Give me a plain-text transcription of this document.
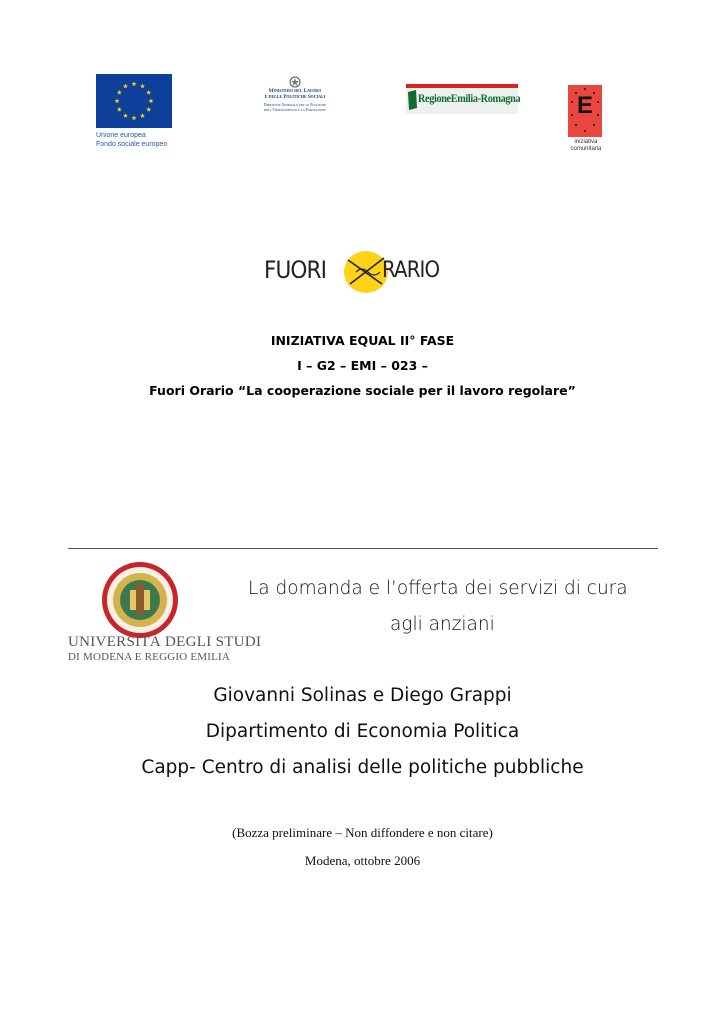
Unione europea
Fondo sociale europeo
Ministero del Lavoro
e delle Politiche Sociali
Direzione Generale per le Politiche
per l'Orientamento e la Formazione
RegioneEmilia-Romagna	E
iniziativa
comunitaria
FUORI	RARIO
INIZIATIVA EQUAL II° FASE
I – G2 – EMI – 023 –
Fuori Orario “La cooperazione sociale per il lavoro regolare”
UNIVERSITÀ DEGLI STUDI
DI MODENA E REGGIO EMILIA
La domanda e l’offerta dei servizi di cura
agli anziani
Giovanni Solinas e Diego Grappi
Dipartimento di Economia Politica
Capp- Centro di analisi delle politiche pubbliche
(Bozza preliminare – Non diffondere e non citare)
Modena, ottobre 2006
